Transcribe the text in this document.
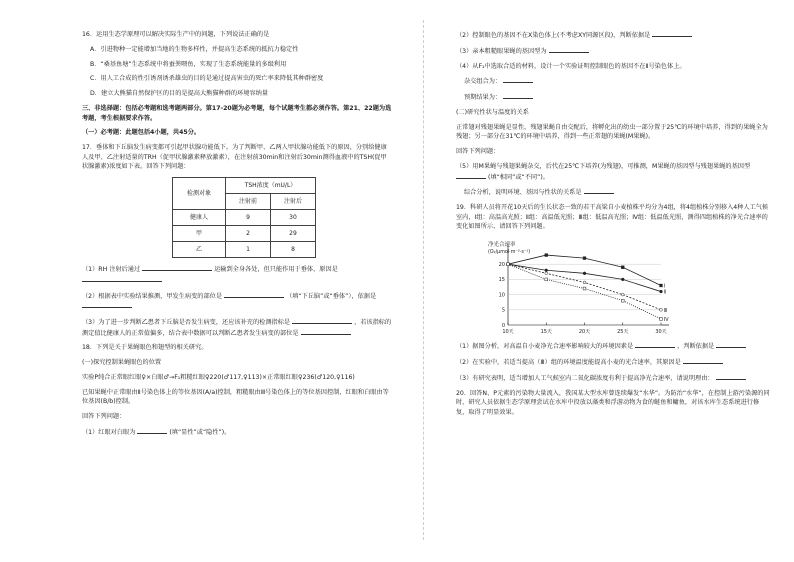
16．运用生态学原理可以解决实际生产中的问题，下列说法正确的是
A．引进物种一定能增加当地的生物多样性，并提高生态系统的抵抗力稳定性
B．“桑基鱼塘”生态系统中将蚕粪喂鱼，实现了生态系统能量的多级利用
C．用人工合成的性引诱剂诱杀雄虫的目的是通过提高害虫的死亡率来降低其种群密度
D．建立大熊猫自然保护区的目的是提高大熊猫种群的环境容纳量
三、非选择题：包括必考题和选考题两部分。第17-20题为必考题，每个试题考生都必须作答。第21、22题为选考题，考生根据要求作答。
（一）必考题：此题包括4小题，共45分。
17．垂体和下丘脑发生病变都可引起甲状腺功能低下。为了判断甲、乙两人甲状腺功能低下的原因，分别给健康人及甲、乙注射适量的TRH（促甲状腺激素释放激素），在注射前30min和注射后30min测得血液中的TSH(促甲状腺激素)浓度如下表。回答下列问题：
检测对象	TSH浓度（mU/L）	
	注射前	注射后
健康人	9	30
甲	2	29
乙	1	8
（1）RH 注射后通过	运输到全身各处，但只能作用于垂体，原因是
（2）根据表中实验结果推测，甲发生病变的部位是	（填“下丘脑”或“垂体”），依据是
（3）为了进一步判断乙患者下丘脑是否发生病变，还应该补充的检测指标是	，若该指标的测定值比健康人的正常值偏多，结合表中数据可以判断乙患者发生病变的部位是
18．下列是关于果蝇眼色和翅型的相关研究。
(一)探究控制果蝇眼色的位置
实验P纯合正常眼红眼♀×白眼♂→F₁粗糙红眼♀220(♂117,♀113)×正常眼红眼♀236(♂120,♀116)
已知果蝇中正常眼由Ⅱ号染色体上的等位基因(A/a)控制，粗糙眼由Ⅲ号染色体上的等位基因控制，红眼和白眼由等位基因(B/b)控制。
回答下列问题：
（1）红眼对白眼为	(填“显性”或“隐性”)。
（2）控制眼色的基因不在X染色体上(不考虑XY同源区段)，判断依据是
（3）亲本粗糙眼果蝇的基因型为
（4）从F₁中选取合适的材料，设计一个实验证明控制眼色的基因不在Ⅱ号染色体上。
杂交组合为：
预期结果为：
(二)研究性状与温度的关系
正常翅对残翅果蝇是显性，残翅果蝇自由交配后，将孵化出的幼虫一部分置于25℃的环境中培养，得到的果蝇全为残翅；另一部分在31℃的环境中培养，得到一些正常翅的果蝇(M果蝇)。
回答下列问题：
（5）用M果蝇与残翅果蝇杂交，后代在25℃下培养(为残翅)，可推测，M果蝇的基因型与残翅果蝇的基因型  (填“相同”或“不同”)。
综合分析，说明环境、基因与性状的关系是
19．科研人员将开花10天后的生长状态一致的若干高粱自小麦植株平均分为4组，将4组植株分别移入4种人工气候室内，Ⅰ组：高温高光照；Ⅱ组：高温低光照；Ⅲ组：低温高光照；Ⅳ组：低温低光照，测得四组植株的净光合速率的变化如图所示，请回答下列问题。
净光合速率
(O₂/μmol·m⁻²·s⁻¹)
0
5
10
15
20
10天	15天	20天	25天	30天
Ⅰ
Ⅱ
Ⅲ
Ⅳ
（1）据图分析，对高温自小麦净光合速率影响较大的环境因素是	，判断依据是
（2）在实验中，若适当提高（Ⅲ）组的环境温度能提高小麦的光合速率，其原因是
（3）有研究表明，适当增加人工气候室内二氧化碳浓度有利于提高净光合速率，请说明理由：
20．回答N、P元素的污染物大量流入，我国某大型水库曾连续爆发“水华”。为防治“水华”，在控制上游污染源的同时，研究人员依据生态学原理尝试在水库中投放以藻类和浮游动物为食的鲢鱼和鳙鱼，对该水库生态系统进行修复，取得了明显效果。
